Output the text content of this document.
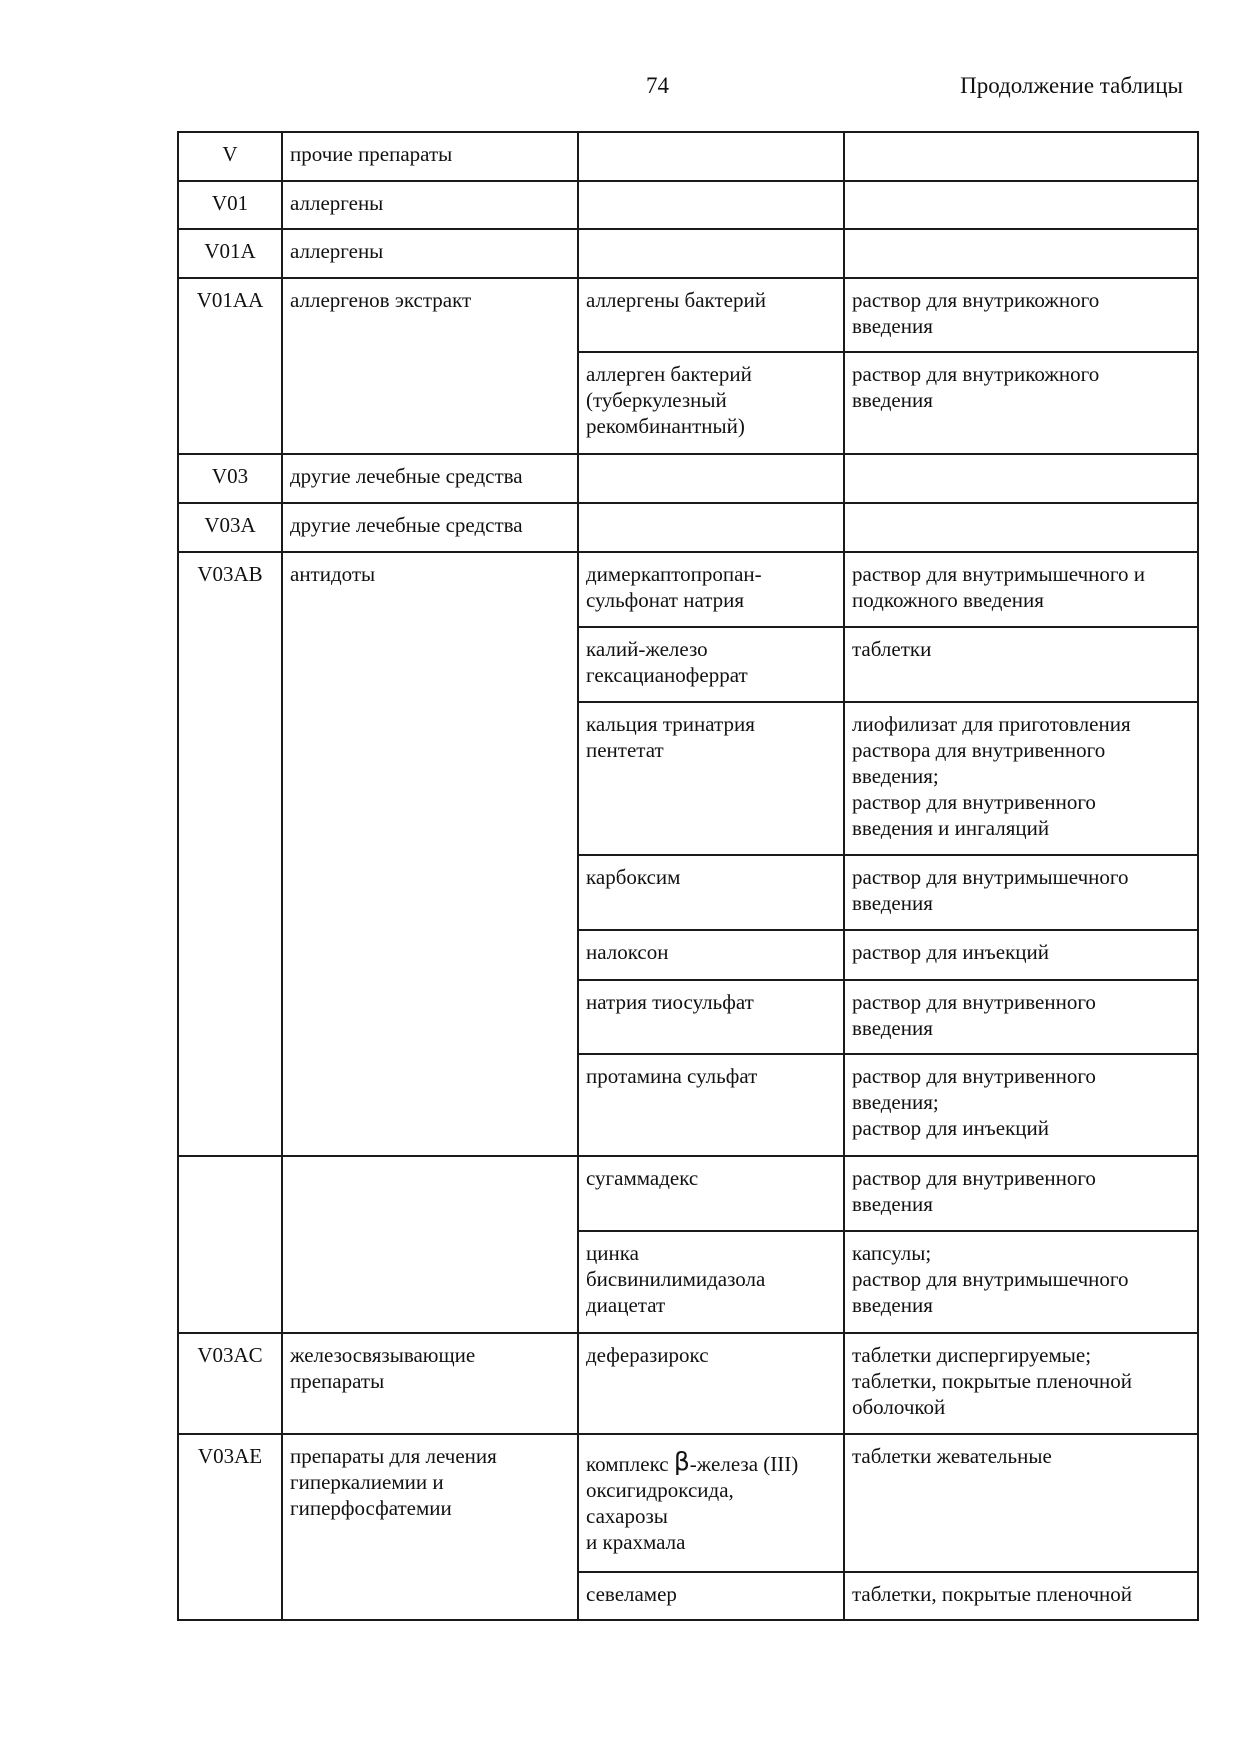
74	Продолжение таблицы
V	прочие препараты		

V01	аллергены		

V01A	аллергены		

V01AA	аллергенов экстракт	аллергены бактерий	раствор для внутрикожного
введения

		аллерген бактерий
(туберкулезный
рекомбинантный)	раствор для внутрикожного
введения

V03	другие лечебные средства		

V03A	другие лечебные средства		

V03AB	антидоты	димеркаптопропан-
сульфонат натрия	раствор для внутримышечного и
подкожного введения

		калий-железо
гексацианоферрат	таблетки

		кальция тринатрия
пентетат	лиофилизат для приготовления
раствора для внутривенного
введения;
раствор для внутривенного
введения и ингаляций

		карбоксим	раствор для внутримышечного
введения

		налоксон	раствор для инъекций

		натрия тиосульфат	раствор для внутривенного
введения

		протамина сульфат	раствор для внутривенного
введения;
раствор для инъекций

		сугаммадекс	раствор для внутривенного
введения

		цинка
бисвинилимидазола
диацетат	капсулы;
раствор для внутримышечного
введения

V03AC	железосвязывающие
препараты	деферазирокс	таблетки диспергируемые;
таблетки, покрытые пленочной
оболочкой

V03AE	препараты для лечения
гиперкалиемии и
гиперфосфатемии	комплекс β-железа (III)
оксигидроксида,
сахарозы
и крахмала	таблетки жевательные

		севеламер	таблетки, покрытые пленочной
